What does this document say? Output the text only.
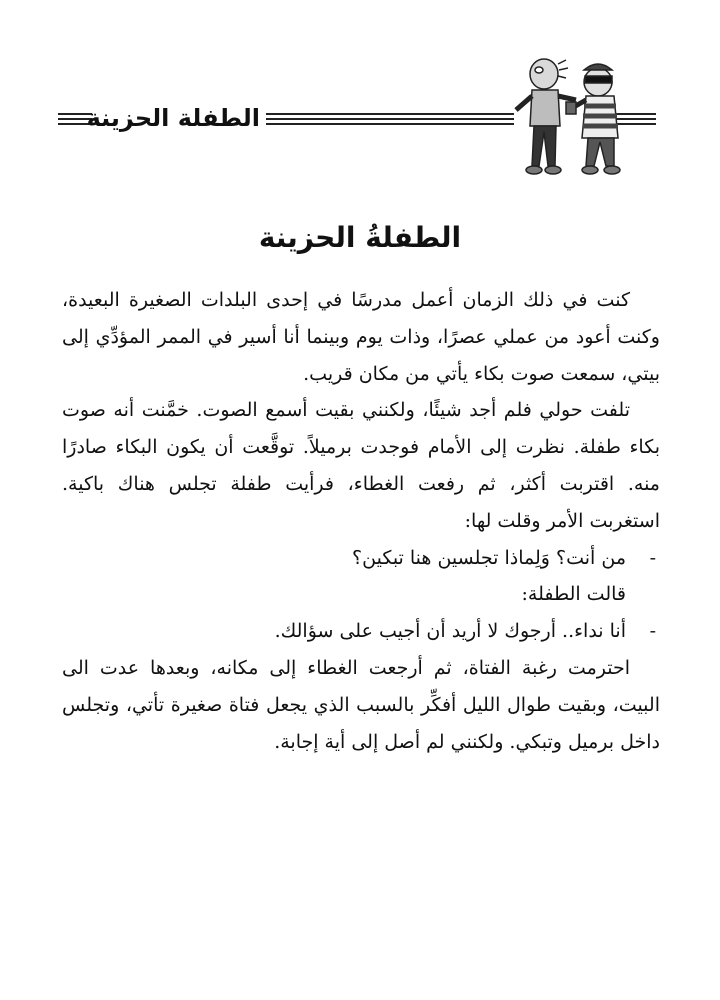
الطفلة الحزينة
الطفلةُ الحزينة

كنت في ذلك الزمان أعمل مدرسًا في إحدى البلدات الصغيرة البعيدة، وكنت أعود من عملي عصرًا، وذات يوم وبينما أنا أسير في الممر المؤدِّي إلى بيتي، سمعت صوت بكاء يأتي من مكان قريب.

تلفت حولي فلم أجد شيئًا، ولكنني بقيت أسمع الصوت. خمَّنت أنه صوت بكاء طفلة. نظرت إلى الأمام فوجدت برميلاً. توقَّعت أن يكون البكاء صادرًا منه. اقتربت أكثر، ثم رفعت الغطاء، فرأيت طفلة تجلس هناك باكية. استغربت الأمر وقلت لها:

-
من أنت؟ وَلِماذا تجلسين هنا تبكين؟

قالت الطفلة:

-
أنا نداء.. أرجوك لا أريد أن أجيب على سؤالك.

احترمت رغبة الفتاة، ثم أرجعت الغطاء إلى مكانه، وبعدها عدت الى البيت، وبقيت طوال الليل أفكِّر بالسبب الذي يجعل فتاة صغيرة تأتي، وتجلس داخل برميل وتبكي. ولكنني لم أصل إلى أية إجابة.
